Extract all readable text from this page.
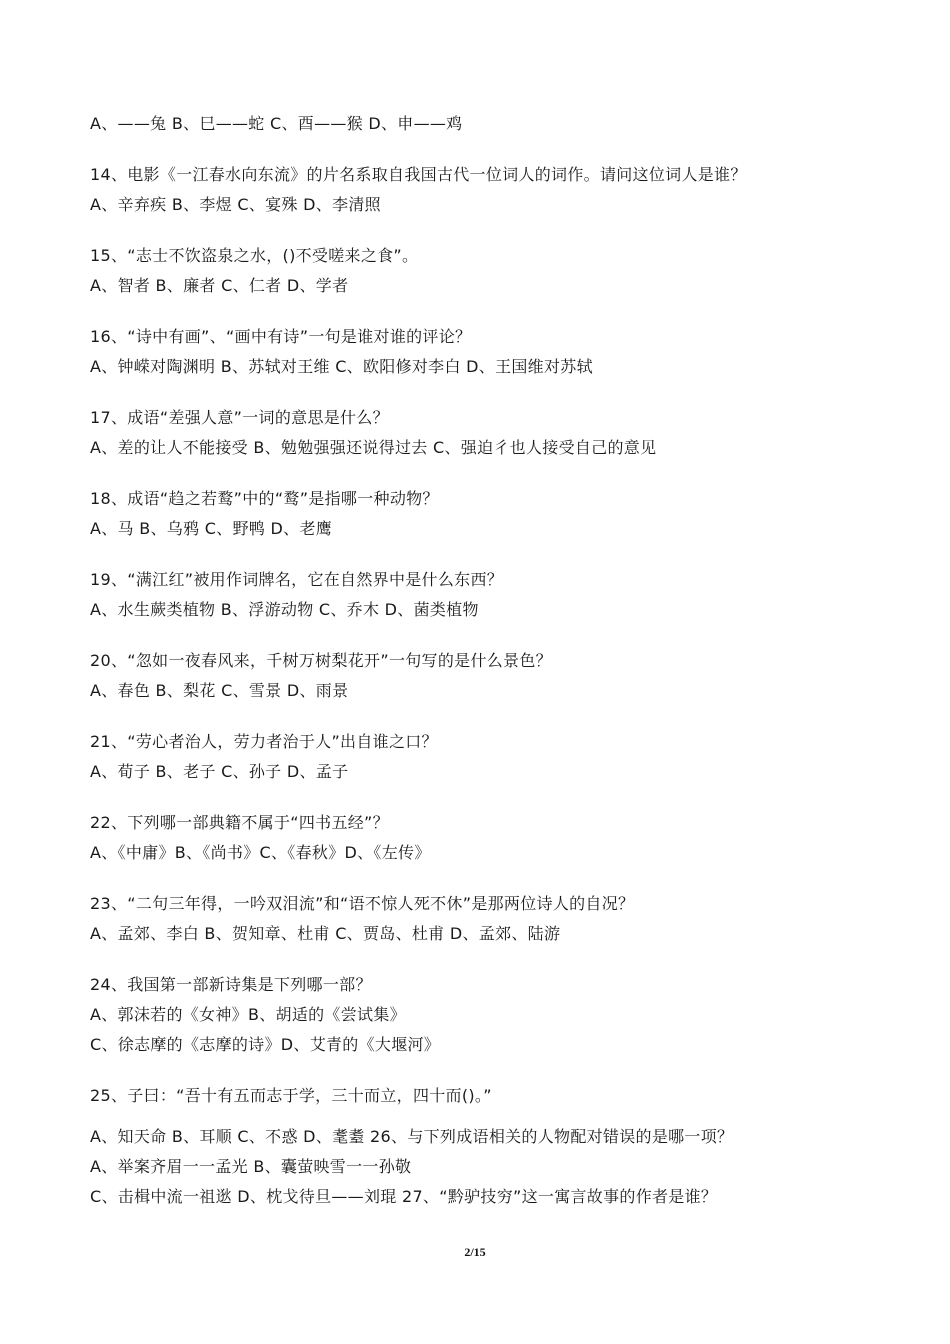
A、——兔 B、巳——蛇 C、酉——猴 D、申——鸡
14、电影《一江春水向东流》的片名系取自我国古代一位词人的词作。请问这位词人是谁？
A、辛弃疾 B、李煜 C、宴殊 D、李清照
15、“志士不饮盗泉之水，()不受嗟来之食”。
A、智者 B、廉者 C、仁者 D、学者
16、“诗中有画”、“画中有诗”一句是谁对谁的评论？
A、钟嵘对陶渊明 B、苏轼对王维 C、欧阳修对李白 D、王国维对苏轼
17、成语“差强人意”一词的意思是什么？
A、差的让人不能接受 B、勉勉强强还说得过去 C、强迫彳也人接受自己的意见
18、成语“趋之若鹜”中的“鹜”是指哪一种动物？
A、马 B、乌鸦 C、野鸭 D、老鹰
19、“满江红”被用作词牌名，它在自然界中是什么东西？
A、水生蕨类植物 B、浮游动物 C、乔木 D、菌类植物
20、“忽如一夜春风来，千树万树梨花开”一句写的是什么景色？
A、春色 B、梨花 C、雪景 D、雨景
21、“劳心者治人，劳力者治于人”出自谁之口？
A、荀子 B、老子 C、孙子 D、孟子
22、下列哪一部典籍不属于“四书五经”？
A、《中庸》B、《尚书》C、《春秋》D、《左传》
23、“二句三年得，一吟双泪流”和“语不惊人死不休”是那两位诗人的自况？
A、孟郊、李白 B、贺知章、杜甫 C、贾岛、杜甫 D、孟郊、陆游
24、我国第一部新诗集是下列哪一部？
A、郭沫若的《女神》B、胡适的《尝试集》
C、徐志摩的《志摩的诗》D、艾青的《大堰河》
25、子曰：“吾十有五而志于学，三十而立，四十而()。”
A、知天命 B、耳顺 C、不惑 D、耄耋 26、与下列成语相关的人物配对错误的是哪一项？
A、举案齐眉一一孟光 B、囊萤映雪一一孙敬
C、击楫中流一祖逖 D、枕戈待旦——刘琨 27、“黔驴技穷”这一寓言故事的作者是谁？
2/15
